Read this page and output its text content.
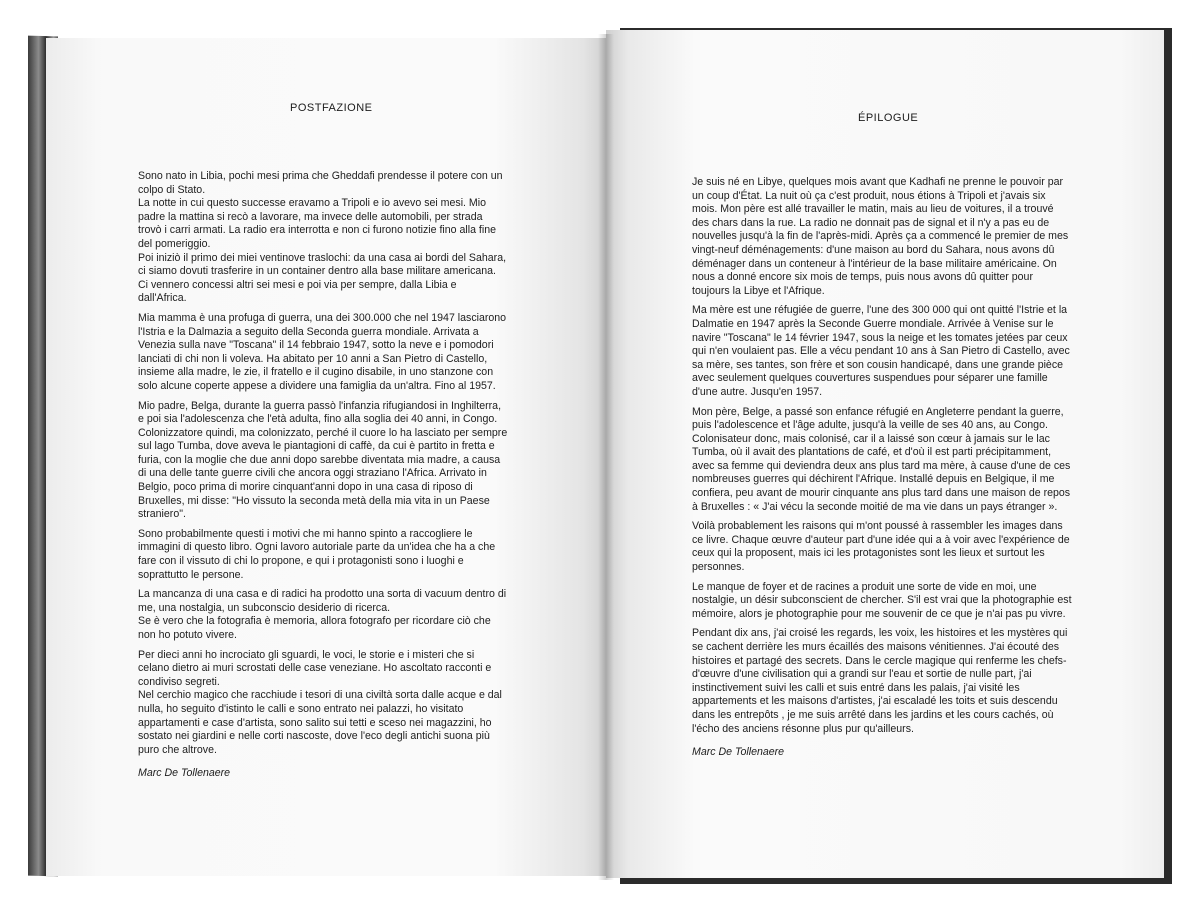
POSTFAZIONE

Sono nato in Libia, pochi mesi prima che Gheddafi prendesse il potere con un colpo di Stato.
La notte in cui questo successe eravamo a Tripoli e io avevo sei mesi. Mio padre la mattina si recò a lavorare, ma invece delle automobili, per strada trovò i carri armati. La radio era interrotta e non ci furono notizie fino alla fine del pomeriggio.
Poi iniziò il primo dei miei ventinove traslochi: da una casa ai bordi del Sahara, ci siamo dovuti trasferire in un container dentro alla base militare americana.
Ci vennero concessi altri sei mesi e poi via per sempre, dalla Libia e dall'Africa.

Mia mamma è una profuga di guerra, una dei 300.000 che nel 1947 lasciarono l'Istria e la Dalmazia a seguito della Seconda guerra mondiale. Arrivata a Venezia sulla nave "Toscana" il 14 febbraio 1947, sotto la neve e i pomodori lanciati di chi non li voleva. Ha abitato per 10 anni a San Pietro di Castello, insieme alla madre, le zie, il fratello e il cugino disabile, in uno stanzone con solo alcune coperte appese a dividere una famiglia da un'altra. Fino al 1957.

Mio padre, Belga, durante la guerra passò l'infanzia rifugiandosi in Inghilterra, e poi sia l'adolescenza che l'età adulta, fino alla soglia dei 40 anni, in Congo. Colonizzatore quindi, ma colonizzato, perché il cuore lo ha lasciato per sempre sul lago Tumba, dove aveva le piantagioni di caffè, da cui è partito in fretta e furia, con la moglie che due anni dopo sarebbe diventata mia madre, a causa di una delle tante guerre civili che ancora oggi straziano l'Africa. Arrivato in Belgio, poco prima di morire cinquant'anni dopo in una casa di riposo di Bruxelles, mi disse: "Ho vissuto la seconda metà della mia vita in un Paese straniero".

Sono probabilmente questi i motivi che mi hanno spinto a raccogliere le immagini di questo libro. Ogni lavoro autoriale parte da un'idea che ha a che fare con il vissuto di chi lo propone, e qui i protagonisti sono i luoghi e soprattutto le persone.

La mancanza di una casa e di radici ha prodotto una sorta di vacuum dentro di me, una nostalgia, un subconscio desiderio di ricerca.
Se è vero che la fotografia è memoria, allora fotografo per ricordare ciò che non ho potuto vivere.

Per dieci anni ho incrociato gli sguardi, le voci, le storie e i misteri che si celano dietro ai muri scrostati delle case veneziane. Ho ascoltato racconti e condiviso segreti.
Nel cerchio magico che racchiude i tesori di una civiltà sorta dalle acque e dal nulla, ho seguito d'istinto le calli e sono entrato nei palazzi, ho visitato appartamenti e case d'artista, sono salito sui tetti e sceso nei magazzini, ho sostato nei giardini e nelle corti nascoste, dove l'eco degli antichi suona più puro che altrove.

Marc De Tollenaere

ÉPILOGUE

Je suis né en Libye, quelques mois avant que Kadhafi ne prenne le pouvoir par un coup d'État. La nuit où ça c'est produit, nous étions à Tripoli et j'avais six mois. Mon père est allé travailler le matin, mais au lieu de voitures, il a trouvé des chars dans la rue. La radio ne donnait pas de signal et il n'y a pas eu de nouvelles jusqu'à la fin de l'après-midi. Après ça a commencé le premier de mes vingt-neuf déménagements: d'une maison au bord du Sahara, nous avons dû déménager dans un conteneur à l'intérieur de la base militaire américaine. On nous a donné encore six mois de temps, puis nous avons dû quitter pour toujours la Libye et l'Afrique.

Ma mère est une réfugiée de guerre, l'une des 300 000 qui ont quitté l'Istrie et la Dalmatie en 1947 après la Seconde Guerre mondiale. Arrivée à Venise sur le navire "Toscana" le 14 février 1947, sous la neige et les tomates jetées par ceux qui n'en voulaient pas. Elle a vécu pendant 10 ans à San Pietro di Castello, avec sa mère, ses tantes, son frère et son cousin handicapé, dans une grande pièce avec seulement quelques couvertures suspendues pour séparer une famille d'une autre. Jusqu'en 1957.

Mon père, Belge, a passé son enfance réfugié en Angleterre pendant la guerre, puis l'adolescence et l'âge adulte, jusqu'à la veille de ses 40 ans, au Congo. Colonisateur donc, mais colonisé, car il a laissé son cœur à jamais sur le lac Tumba, où il avait des plantations de café, et d'où il est parti précipitamment, avec sa femme qui deviendra deux ans plus tard ma mère, à cause d'une de ces nombreuses guerres qui déchirent l'Afrique. Installé depuis en Belgique, il me confiera, peu avant de mourir cinquante ans plus tard dans une maison de repos à Bruxelles : « J'ai vécu la seconde moitié de ma vie dans un pays étranger ».

Voilà probablement les raisons qui m'ont poussé à rassembler les images dans ce livre. Chaque œuvre d'auteur part d'une idée qui a à voir avec l'expérience de ceux qui la proposent, mais ici les protagonistes sont les lieux et surtout les personnes.

Le manque de foyer et de racines a produit une sorte de vide en moi, une nostalgie, un désir subconscient de chercher. S'il est vrai que la photographie est mémoire, alors je photographie pour me souvenir de ce que je n'ai pas pu vivre.

Pendant dix ans, j'ai croisé les regards, les voix, les histoires et les mystères qui se cachent derrière les murs écaillés des maisons vénitiennes. J'ai écouté des histoires et partagé des secrets. Dans le cercle magique qui renferme les chefs-d'œuvre d'une civilisation qui a grandi sur l'eau et sortie de nulle part, j'ai instinctivement suivi les calli et suis entré dans les palais, j'ai visité les appartements et les maisons d'artistes, j'ai escaladé les toits et suis descendu dans les entrepôts , je me suis arrêté dans les jardins et les cours cachés, où l'écho des anciens résonne plus pur qu'ailleurs.

Marc De Tollenaere
